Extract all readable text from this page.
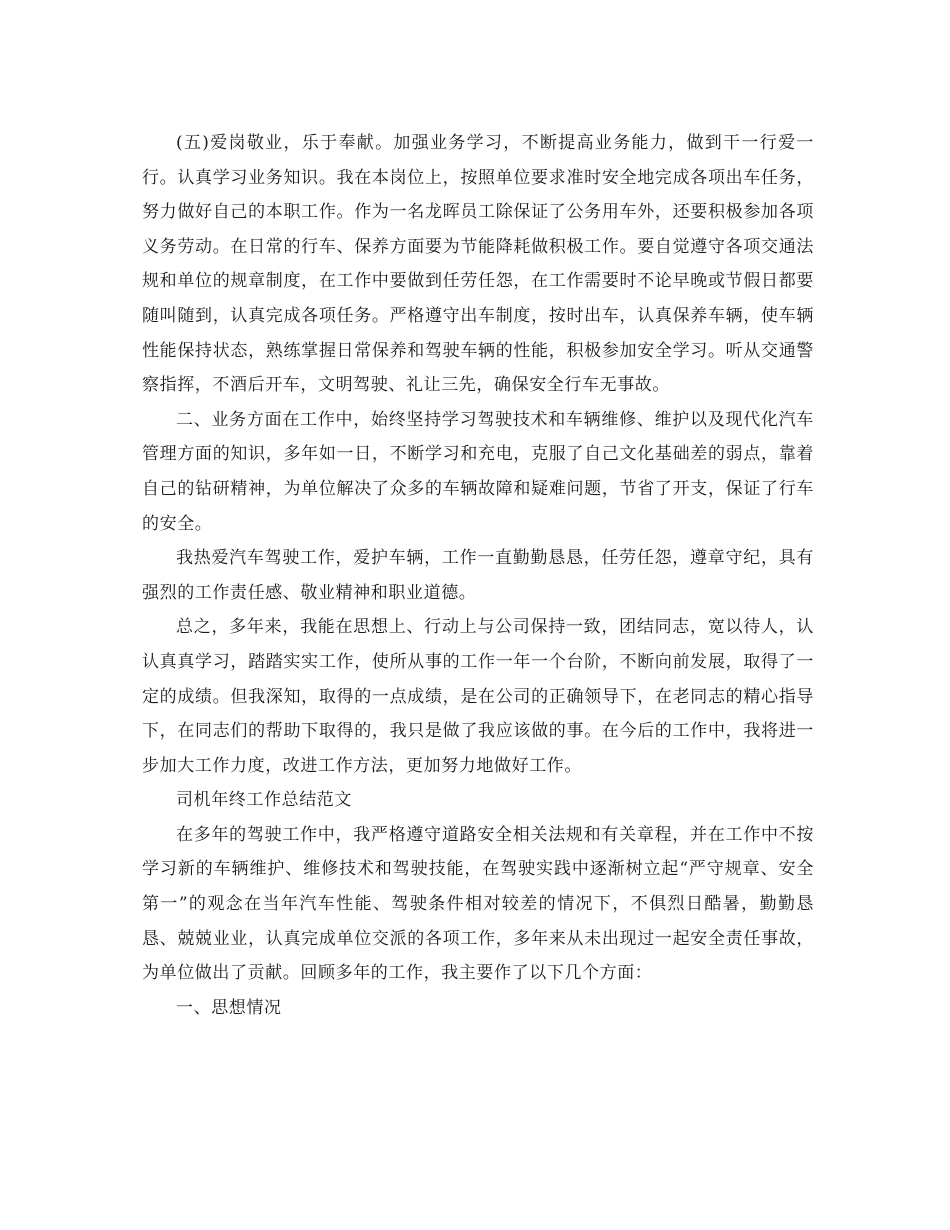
(五)爱岗敬业，乐于奉献。加强业务学习，不断提高业务能力，做到干一行爱一行。认真学习业务知识。我在本岗位上，按照单位要求准时安全地完成各项出车任务，努力做好自己的本职工作。作为一名龙晖员工除保证了公务用车外，还要积极参加各项义务劳动。在日常的行车、保养方面要为节能降耗做积极工作。要自觉遵守各项交通法规和单位的规章制度，在工作中要做到任劳任怨，在工作需要时不论早晚或节假日都要随叫随到，认真完成各项任务。严格遵守出车制度，按时出车，认真保养车辆，使车辆性能保持状态，熟练掌握日常保养和驾驶车辆的性能，积极参加安全学习。听从交通警察指挥，不酒后开车，文明驾驶、礼让三先，确保安全行车无事故。

二、业务方面在工作中，始终坚持学习驾驶技术和车辆维修、维护以及现代化汽车管理方面的知识，多年如一日，不断学习和充电，克服了自己文化基础差的弱点，靠着自己的钻研精神，为单位解决了众多的车辆故障和疑难问题，节省了开支，保证了行车的安全。

我热爱汽车驾驶工作，爱护车辆，工作一直勤勤恳恳，任劳任怨，遵章守纪，具有强烈的工作责任感、敬业精神和职业道德。

总之，多年来，我能在思想上、行动上与公司保持一致，团结同志，宽以待人，认认真真学习，踏踏实实工作，使所从事的工作一年一个台阶，不断向前发展，取得了一定的成绩。但我深知，取得的一点成绩，是在公司的正确领导下，在老同志的精心指导下，在同志们的帮助下取得的，我只是做了我应该做的事。在今后的工作中，我将进一步加大工作力度，改进工作方法，更加努力地做好工作。

司机年终工作总结范文

在多年的驾驶工作中，我严格遵守道路安全相关法规和有关章程，并在工作中不按学习新的车辆维护、维修技术和驾驶技能，在驾驶实践中逐渐树立起“严守规章、安全第一”的观念在当年汽车性能、驾驶条件相对较差的情况下，不俱烈日酷暑，勤勤恳恳、兢兢业业，认真完成单位交派的各项工作，多年来从未出现过一起安全责任事故，为单位做出了贡献。回顾多年的工作，我主要作了以下几个方面：

一、思想情况
